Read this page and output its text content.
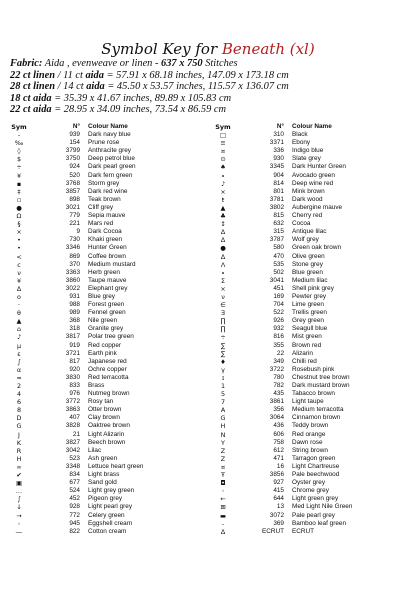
Symbol Key for Beneath (xl)
Fabric: Aida , evenweave or linen - 637 x 750 Stitches
22 ct linen / 11 ct aida = 57.91 x 68.18 inches, 147.09 x 173.18 cm
28 ct linen / 14 ct aida = 45.50 x 53.57 inches, 115.57 x 136.07 cm
18 ct aida = 35.39 x 41.67 inches, 89.89 x 105.83 cm
22 ct aida = 28.95 x 34.09 inches, 73.54 x 86.59 cm
Sym	N° Colour Name
-	939 Dark navy blue
‰	154 Prune rose
◊	3799 Anthracite grey
$	3750 Deep petrol blue
÷	924 Dark pearl green
¥	520 Dark fern green
▪	3768 Storm grey
‡	3857 Dark red wine
▫	898 Teak brown
●	3021 Cliff grey
Ω	779 Sepia mauve
§	221 Mars red
×	9 Dark Cocoa
•	730 Khaki green
•	3346 Hunter Green
<	869 Coffee brown
c	370 Medium mustard
ν	3363 Herb green
¥	3860 Taupe mauve
∆	3022 Elephant grey
o	931 Blue grey
·	988 Forest green
θ	989 Fennel green
▲	368 Nile green
⌂	318 Granite grey
♪	3817 Polar tree green
μ	919 Red copper
ε	3721 Earth pink
∫	817 Japanese red
α	920 Ochre copper
≈	3830 Red terracotta
2	833 Brass
4	976 Nutmeg brown
6	3772 Rosy tan
8	3863 Otter brown
D	407 Clay brown
G	3828 Oaktree brown
J	21 Light Alizarin
K	3827 Beech brown
R	3042 Lilac
H	523 Ash green
∞	3348 Lettuce heart green
✔	834 Light brass
▣	677 Sand gold
…	524 Light grey green
∫	452 Pigeon grey
↓	928 Light pearl grey
→	772 Celery green
◦	945 Eggshell cream
―	822 Cotton cream
Sym	N° Colour Name
□	310 Black
≡	3371 Ebony
¤	336 Indigo blue
⊙	930 Slate grey
♠	3345 Dark Hunter Green
∙	904 Avocado green
♪	814 Deep wine red
×	801 Mink brown
ŧ	3781 Dark wood
▲	3802 Aubergine mauve
♣	815 Cherry red
↕	632 Cocoa
∆	315 Antique lilac
∆	3787 Wolf grey
●	580 Green oak brown
∆	470 Olive green
Λ	535 Stone grey
∙	502 Blue green
Σ	3041 Medium lilac
×	451 Shell pink grey
ν	169 Pewter grey
∈	704 Lime green
Ǝ	522 Trellis green
∏	926 Grey green
∏	932 Seagull blue
÷	816 Mist green
∑	355 Brown red
∑	22 Alizarin
♦	349 Chilli red
γ	3722 Rosebush pink
ɪ	780 Chestnut tree brown
1	782 Dark mustard brown
5	435 Tabacco brown
7	3861 Light taupe
A	356 Medium terracotta
G	3064 Cinnamon brown
H	436 Teddy brown
N	606 Red orange
Y	758 Dawn rose
Z	612 String brown
Z	471 Tarragon green
¤	16 Light Chartreuse
Ŧ	3856 Pale beechwood
◘	927 Oyster grey
◦	415 Chrome grey
←	644 Light green grey
⊞	13 Med Light Nile Green
▬	3072 Pale pearl grey
-	369 Bamboo leaf green
∆	ECRUT ECRUT
